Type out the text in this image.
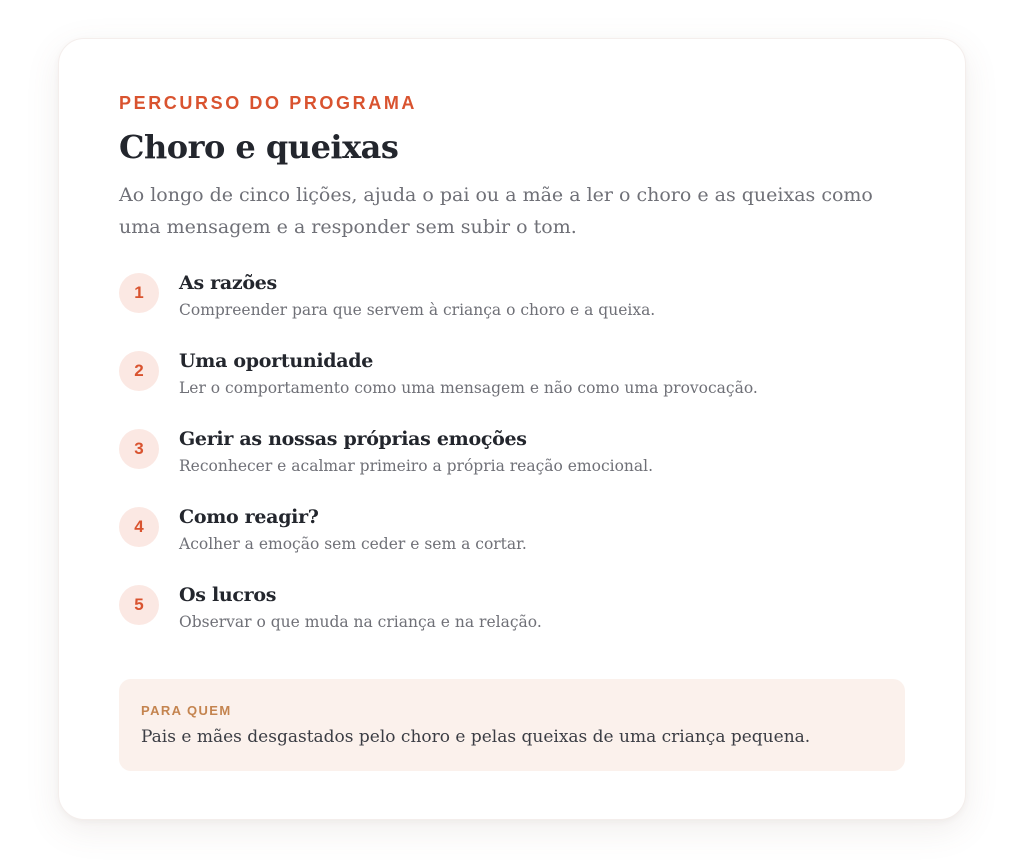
PERCURSO DO PROGRAMA

Choro e queixas

Ao longo de cinco lições, ajuda o pai ou a mãe a ler o choro e as queixas como uma mensagem e a responder sem subir o tom.

1	As razões
Compreender para que servem à criança o choro e a queixa.
2	Uma oportunidade
Ler o comportamento como uma mensagem e não como uma provocação.
3	Gerir as nossas próprias emoções
Reconhecer e acalmar primeiro a própria reação emocional.
4	Como reagir?
Acolher a emoção sem ceder e sem a cortar.
5	Os lucros
Observar o que muda na criança e na relação.
PARA QUEM
Pais e mães desgastados pelo choro e pelas queixas de uma criança pequena.
